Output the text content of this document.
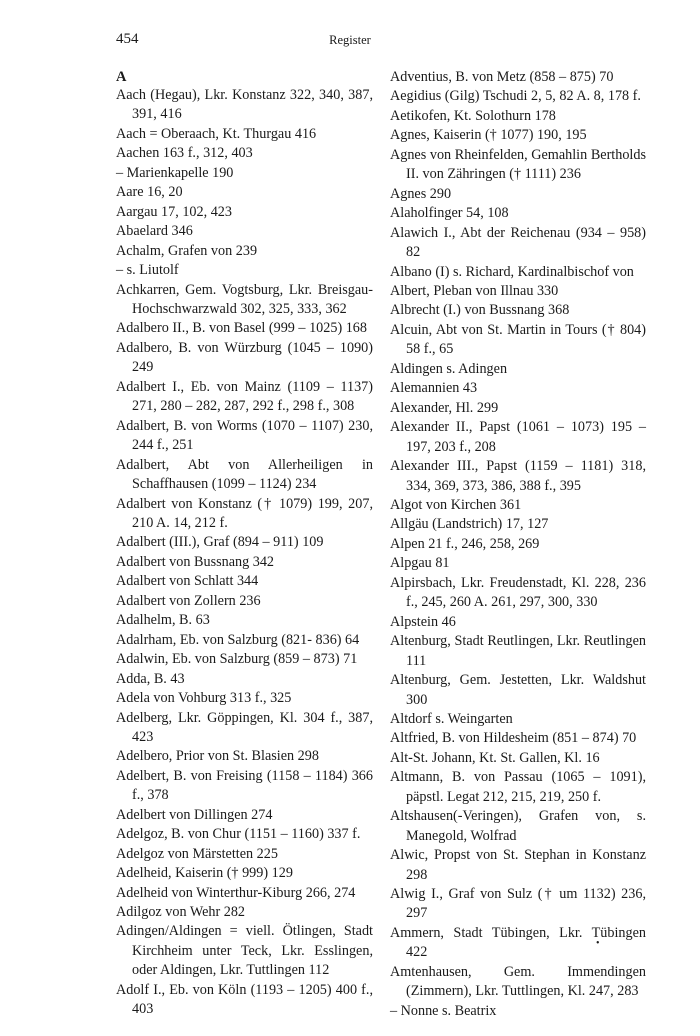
454	Register
A
Aach (Hegau), Lkr. Konstanz 322, 340, 387, 391, 416
Aach = Oberaach, Kt. Thurgau 416
Aachen 163 f., 312, 403
– Marienkapelle 190
Aare 16, 20
Aargau 17, 102, 423
Abaelard 346
Achalm, Grafen von 239
– s. Liutolf
Achkarren, Gem. Vogtsburg, Lkr. Breisgau-Hochschwarzwald 302, 325, 333, 362
Adalbero II., B. von Basel (999 – 1025) 168
Adalbero, B. von Würzburg (1045 – 1090) 249
Adalbert I., Eb. von Mainz (1109 – 1137) 271, 280 – 282, 287, 292 f., 298 f., 308
Adalbert, B. von Worms (1070 – 1107) 230, 244 f., 251
Adalbert, Abt von Allerheiligen in Schaffhausen (1099 – 1124) 234
Adalbert von Konstanz († 1079) 199, 207, 210 A. 14, 212 f.
Adalbert (III.), Graf (894 – 911) 109
Adalbert von Bussnang 342
Adalbert von Schlatt 344
Adalbert von Zollern 236
Adalhelm, B. 63
Adalrham, Eb. von Salzburg (821- 836) 64
Adalwin, Eb. von Salzburg (859 – 873) 71
Adda, B. 43
Adela von Vohburg 313 f., 325
Adelberg, Lkr. Göppingen, Kl. 304 f., 387, 423
Adelbero, Prior von St. Blasien 298
Adelbert, B. von Freising (1158 – 1184) 366 f., 378
Adelbert von Dillingen 274
Adelgoz, B. von Chur (1151 – 1160) 337 f.
Adelgoz von Märstetten 225
Adelheid, Kaiserin († 999) 129
Adelheid von Winterthur-Kiburg 266, 274
Adilgoz von Wehr 282
Adingen/Aldingen = viell. Ötlingen, Stadt Kirchheim unter Teck, Lkr. Esslingen, oder Aldingen, Lkr. Tuttlingen 112
Adolf I., Eb. von Köln (1193 – 1205) 400 f., 403
Adventius, B. von Metz (858 – 875) 70
Aegidius (Gilg) Tschudi 2, 5, 82 A. 8, 178 f.
Aetikofen, Kt. Solothurn 178
Agnes, Kaiserin († 1077) 190, 195
Agnes von Rheinfelden, Gemahlin Bertholds II. von Zähringen († 1111) 236
Agnes 290
Alaholfinger 54, 108
Alawich I., Abt der Reichenau (934 – 958) 82
Albano (I) s. Richard, Kardinalbischof von
Albert, Pleban von Illnau 330
Albrecht (I.) von Bussnang 368
Alcuin, Abt von St. Martin in Tours († 804) 58 f., 65
Aldingen s. Adingen
Alemannien 43
Alexander, Hl. 299
Alexander II., Papst (1061 – 1073) 195 – 197, 203 f., 208
Alexander III., Papst (1159 – 1181) 318, 334, 369, 373, 386, 388 f., 395
Algot von Kirchen 361
Allgäu (Landstrich) 17, 127
Alpen 21 f., 246, 258, 269
Alpgau 81
Alpirsbach, Lkr. Freudenstadt, Kl. 228, 236 f., 245, 260 A. 261, 297, 300, 330
Alpstein 46
Altenburg, Stadt Reutlingen, Lkr. Reutlingen 111
Altenburg, Gem. Jestetten, Lkr. Waldshut 300
Altdorf s. Weingarten
Altfried, B. von Hildesheim (851 – 874) 70
Alt-St. Johann, Kt. St. Gallen, Kl. 16
Altmann, B. von Passau (1065 – 1091), päpstl. Legat 212, 215, 219, 250 f.
Altshausen(-Veringen), Grafen von, s. Manegold, Wolfrad
Alwic, Propst von St. Stephan in Konstanz 298
Alwig I., Graf von Sulz († um 1132) 236, 297
Ammern, Stadt Tübingen, Lkr. Tübingen 422
Amtenhausen, Gem. Immendingen (Zimmern), Lkr. Tuttlingen, Kl. 247, 283
– Nonne s. Beatrix
•
